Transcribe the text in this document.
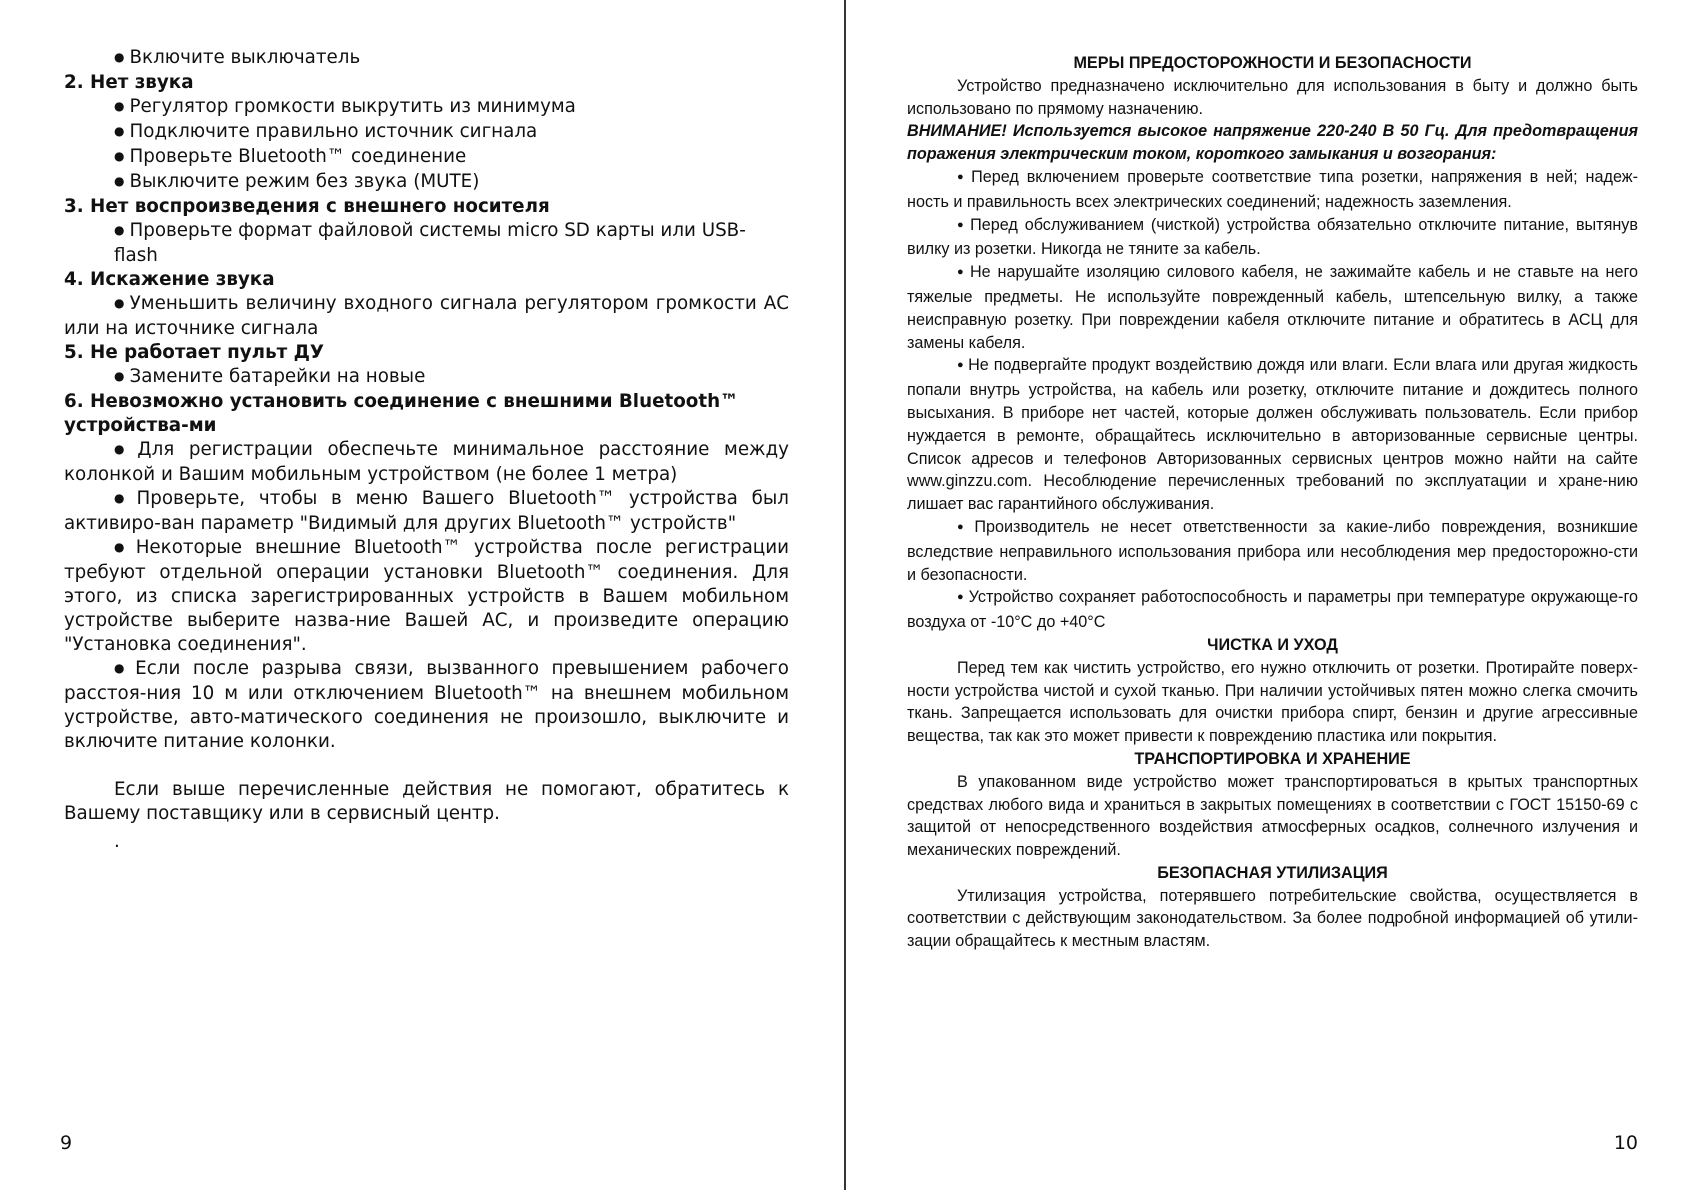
● Включите выключатель

2. Нет звука

● Регулятор громкости выкрутить из минимума

● Подключите правильно источник сигнала

● Проверьте Bluetooth™ соединение

● Выключите режим без звука (MUTE)

3. Нет воспроизведения с внешнего носителя

● Проверьте формат файловой системы micro SD карты или USB-flash

4. Искажение звука

● Уменьшить величину входного сигнала регулятором громкости АС или на источнике сигнала

5. Не работает пульт ДУ

● Замените батарейки на новые

6. Невозможно установить соединение с внешними Bluetooth™ устройства-ми

● Для регистрации обеспечьте минимальное расстояние между колонкой и Вашим мобильным устройством (не более 1 метра)

● Проверьте, чтобы в меню Вашего Bluetooth™ устройства был активиро-ван параметр "Видимый для других Bluetooth™ устройств"

● Некоторые внешние Bluetooth™ устройства после регистрации требуют отдельной операции установки Bluetooth™ соединения. Для этого, из списка зарегистрированных устройств в Вашем мобильном устройстве выберите назва-ние Вашей АС, и произведите операцию "Установка соединения".

● Если после разрыва связи, вызванного превышением рабочего расстоя-ния 10 м или отключением Bluetooth™ на внешнем мобильном устройстве, авто-матического соединения не произошло, выключите и включите питание колонки.

Если выше перечисленные действия не помогают, обратитесь к Вашему поставщику или в сервисный центр.

.

МЕРЫ ПРЕДОСТОРОЖНОСТИ И БЕЗОПАСНОСТИ

Устройство предназначено исключительно для использования в быту и должно быть использовано по прямому назначению.

ВНИМАНИЕ! Используется высокое напряжение 220-240 В 50 Гц. Для предотвращения поражения электрическим током, короткого замыкания и возгорания:

● Перед включением проверьте соответствие типа розетки, напряжения в ней; надеж-ность и правильность всех электрических соединений; надежность заземления.

● Перед обслуживанием (чисткой) устройства обязательно отключите питание, вытянув вилку из розетки. Никогда не тяните за кабель.

● Не нарушайте изоляцию силового кабеля, не зажимайте кабель и не ставьте на него тяжелые предметы. Не используйте поврежденный кабель, штепсельную вилку, а также неисправную розетку. При повреждении кабеля отключите питание и обратитесь в АСЦ для замены кабеля.

● Не подвергайте продукт воздействию дождя или влаги. Если влага или другая жидкость попали внутрь устройства, на кабель или розетку, отключите питание и дождитесь полного высыхания. В приборе нет частей, которые должен обслуживать пользователь. Если прибор нуждается в ремонте, обращайтесь исключительно в авторизованные сервисные центры. Список адресов и телефонов Авторизованных сервисных центров можно найти на сайте www.ginzzu.com. Несоблюдение перечисленных требований по эксплуатации и хране-нию лишает вас гарантийного обслуживания.

● Производитель не несет ответственности за какие-либо повреждения, возникшие вследствие неправильного использования прибора или несоблюдения мер предосторожно-сти и безопасности.

● Устройство сохраняет работоспособность и параметры при температуре окружающе-го воздуха от -10°С до +40°С

ЧИСТКА И УХОД

Перед тем как чистить устройство, его нужно отключить от розетки. Протирайте поверх-ности устройства чистой и сухой тканью. При наличии устойчивых пятен можно слегка смочить ткань. Запрещается использовать для очистки прибора спирт, бензин и другие агрессивные вещества, так как это может привести к повреждению пластика или покрытия.

ТРАНСПОРТИРОВКА И ХРАНЕНИЕ

В упакованном виде устройство может транспортироваться в крытых транспортных средствах любого вида и храниться в закрытых помещениях в соответствии с ГОСТ 15150-69 с защитой от непосредственного воздействия атмосферных осадков, солнечного излучения и механических повреждений.

БЕЗОПАСНАЯ УТИЛИЗАЦИЯ

Утилизация устройства, потерявшего потребительские свойства, осуществляется в соответствии с действующим законодательством. За более подробной информацией об утили-зации обращайтесь к местным властям.

9	10
